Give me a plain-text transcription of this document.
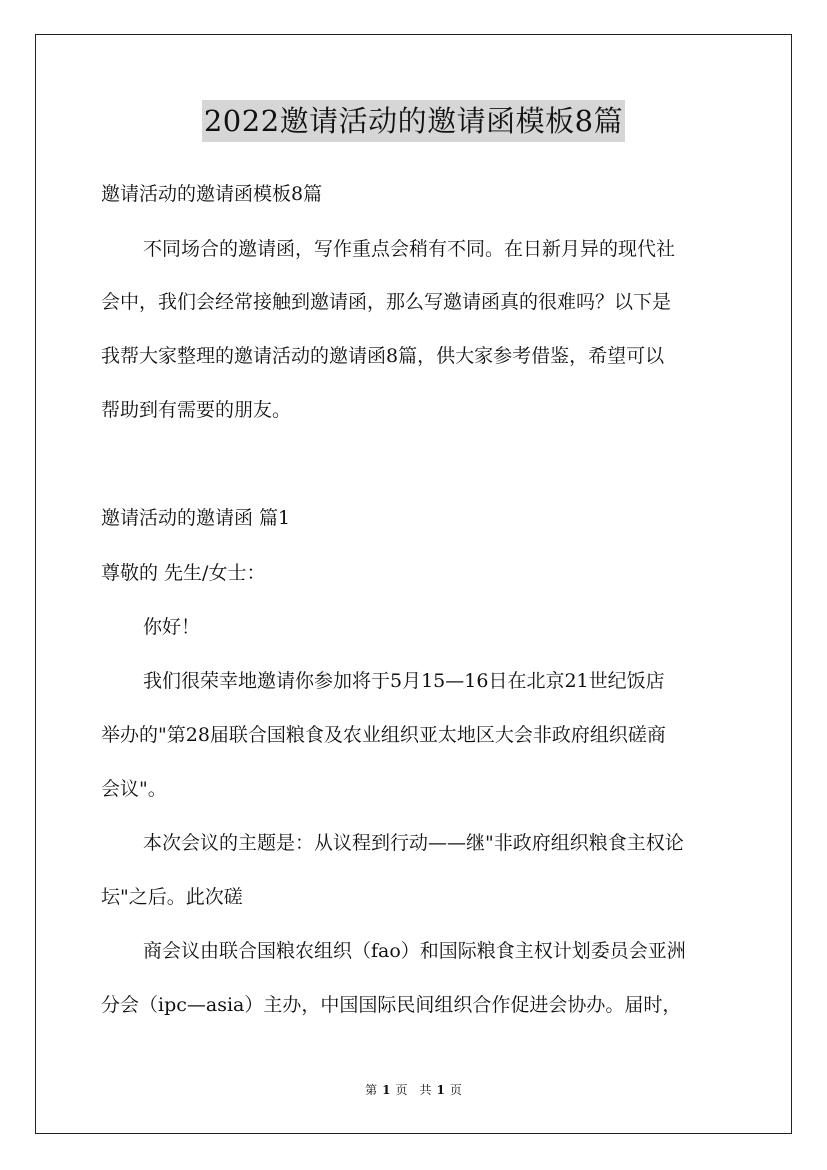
2022邀请活动的邀请函模板8篇
邀请活动的邀请函模板8篇
不同场合的邀请函，写作重点会稍有不同。在日新月异的现代社
会中，我们会经常接触到邀请函，那么写邀请函真的很难吗？以下是
我帮大家整理的邀请活动的邀请函8篇，供大家参考借鉴，希望可以
帮助到有需要的朋友。
邀请活动的邀请函 篇1
尊敬的 先生/女士：
你好！
我们很荣幸地邀请你参加将于5月15—16日在北京21世纪饭店
举办的"第28届联合国粮食及农业组织亚太地区大会非政府组织磋商
会议"。
本次会议的主题是：从议程到行动——继"非政府组织粮食主权论
坛"之后。此次磋
商会议由联合国粮农组织（fao）和国际粮食主权计划委员会亚洲
分会（ipc—asia）主办，中国国际民间组织合作促进会协办。届时，
第 1 页　共 1 页
